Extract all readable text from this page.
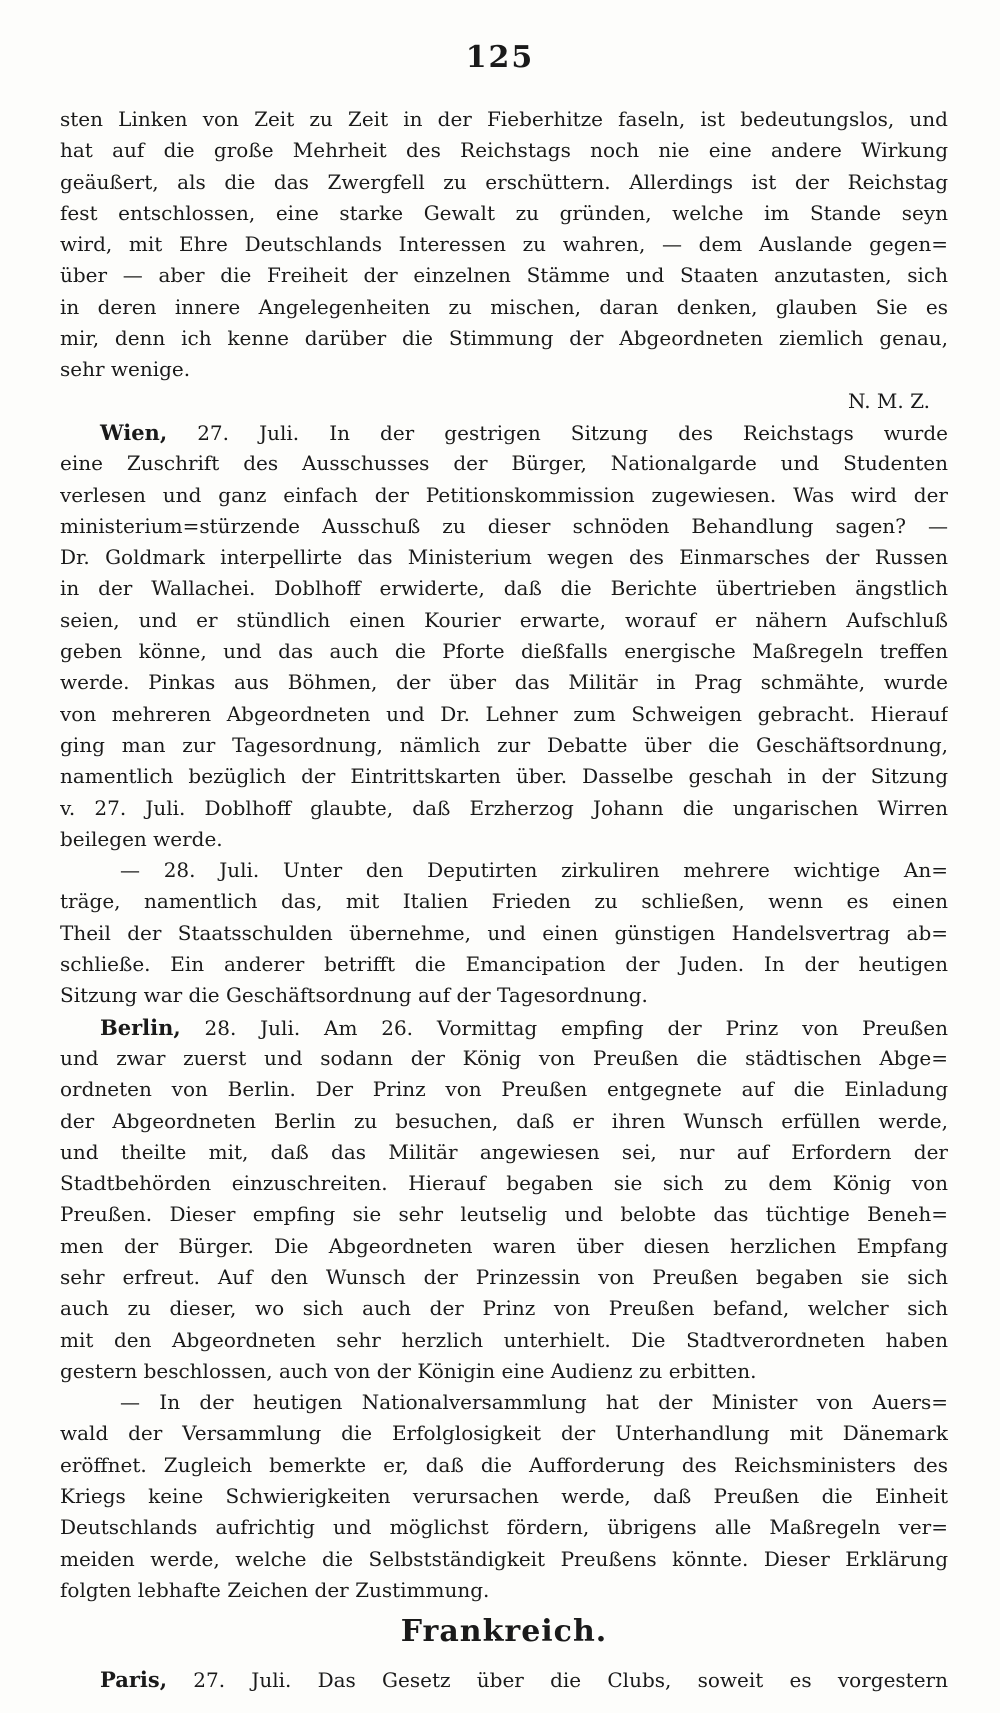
125
sten Linken von Zeit zu Zeit in der Fieberhitze faseln, ist bedeutungslos, und
hat auf die große Mehrheit des Reichstags noch nie eine andere Wirkung
geäußert, als die das Zwergfell zu erschüttern. Allerdings ist der Reichstag
fest entschlossen, eine starke Gewalt zu gründen, welche im Stande seyn
wird, mit Ehre Deutschlands Interessen zu wahren, — dem Auslande gegen=
über — aber die Freiheit der einzelnen Stämme und Staaten anzutasten, sich
in deren innere Angelegenheiten zu mischen, daran denken, glauben Sie es
mir, denn ich kenne darüber die Stimmung der Abgeordneten ziemlich genau,
sehr wenige.
N. M. Z.
Wien, 27. Juli. In der gestrigen Sitzung des Reichstags wurde
eine Zuschrift des Ausschusses der Bürger, Nationalgarde und Studenten
verlesen und ganz einfach der Petitionskommission zugewiesen. Was wird der
ministerium=stürzende Ausschuß zu dieser schnöden Behandlung sagen? —
Dr. Goldmark interpellirte das Ministerium wegen des Einmarsches der Russen
in der Wallachei. Doblhoff erwiderte, daß die Berichte übertrieben ängstlich
seien, und er stündlich einen Kourier erwarte, worauf er nähern Aufschluß
geben könne, und das auch die Pforte dießfalls energische Maßregeln treffen
werde. Pinkas aus Böhmen, der über das Militär in Prag schmähte, wurde
von mehreren Abgeordneten und Dr. Lehner zum Schweigen gebracht. Hierauf
ging man zur Tagesordnung, nämlich zur Debatte über die Geschäftsordnung,
namentlich bezüglich der Eintrittskarten über. Dasselbe geschah in der Sitzung
v. 27. Juli. Doblhoff glaubte, daß Erzherzog Johann die ungarischen Wirren
beilegen werde.
— 28. Juli. Unter den Deputirten zirkuliren mehrere wichtige An=
träge, namentlich das, mit Italien Frieden zu schließen, wenn es einen
Theil der Staatsschulden übernehme, und einen günstigen Handelsvertrag ab=
schließe. Ein anderer betrifft die Emancipation der Juden. In der heutigen
Sitzung war die Geschäftsordnung auf der Tagesordnung.
Berlin, 28. Juli. Am 26. Vormittag empfing der Prinz von Preußen
und zwar zuerst und sodann der König von Preußen die städtischen Abge=
ordneten von Berlin. Der Prinz von Preußen entgegnete auf die Einladung
der Abgeordneten Berlin zu besuchen, daß er ihren Wunsch erfüllen werde,
und theilte mit, daß das Militär angewiesen sei, nur auf Erfordern der
Stadtbehörden einzuschreiten. Hierauf begaben sie sich zu dem König von
Preußen. Dieser empfing sie sehr leutselig und belobte das tüchtige Beneh=
men der Bürger. Die Abgeordneten waren über diesen herzlichen Empfang
sehr erfreut. Auf den Wunsch der Prinzessin von Preußen begaben sie sich
auch zu dieser, wo sich auch der Prinz von Preußen befand, welcher sich
mit den Abgeordneten sehr herzlich unterhielt. Die Stadtverordneten haben
gestern beschlossen, auch von der Königin eine Audienz zu erbitten.
— In der heutigen Nationalversammlung hat der Minister von Auers=
wald der Versammlung die Erfolglosigkeit der Unterhandlung mit Dänemark
eröffnet. Zugleich bemerkte er, daß die Aufforderung des Reichsministers des
Kriegs keine Schwierigkeiten verursachen werde, daß Preußen die Einheit
Deutschlands aufrichtig und möglichst fördern, übrigens alle Maßregeln ver=
meiden werde, welche die Selbstständigkeit Preußens könnte. Dieser Erklärung
folgten lebhafte Zeichen der Zustimmung.
Frankreich.
Paris, 27. Juli. Das Gesetz über die Clubs, soweit es vorgestern
